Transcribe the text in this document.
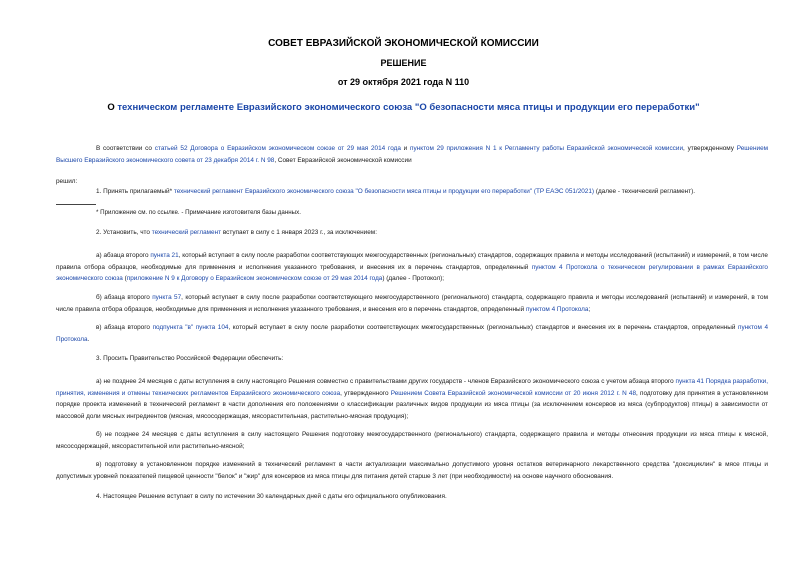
СОВЕТ ЕВРАЗИЙСКОЙ ЭКОНОМИЧЕСКОЙ КОМИССИИ
РЕШЕНИЕ
от 29 октября 2021 года N 110
О техническом регламенте Евразийского экономического союза "О безопасности мяса птицы и продукции его переработки"
В соответствии со статьей 52 Договора о Евразийском экономическом союзе от 29 мая 2014 года и пунктом 29 приложения N 1 к Регламенту работы Евразийской экономической комиссии, утвержденному Решением Высшего Евразийского экономического совета от 23 декабря 2014 г. N 98, Совет Евразийской экономической комиссии
решил:
1. Принять прилагаемый* технический регламент Евразийского экономического союза "О безопасности мяса птицы и продукции его переработки" (ТР ЕАЭС 051/2021) (далее - технический регламент).
* Приложение см. по ссылке. - Примечание изготовителя базы данных.
2. Установить, что технический регламент вступает в силу с 1 января 2023 г., за исключением:
а) абзаца второго пункта 21, который вступает в силу после разработки соответствующих межгосударственных (региональных) стандартов, содержащих правила и методы исследований (испытаний) и измерений, в том числе правила отбора образцов, необходимые для применения и исполнения указанного требования, и внесения их в перечень стандартов, определенный пунктом 4 Протокола о техническом регулировании в рамках Евразийского экономического союза (приложение N 9 к Договору о Евразийском экономическом союзе от 29 мая 2014 года) (далее - Протокол);
б) абзаца второго пункта 57, который вступает в силу после разработки соответствующего межгосударственного (регионального) стандарта, содержащего правила и методы исследований (испытаний) и измерений, в том числе правила отбора образцов, необходимые для применения и исполнения указанного требования, и внесения его в перечень стандартов, определенный пунктом 4 Протокола;
в) абзаца второго подпункта "в" пункта 104, который вступает в силу после разработки соответствующих межгосударственных (региональных) стандартов и внесения их в перечень стандартов, определенный пунктом 4 Протокола.
3. Просить Правительство Российской Федерации обеспечить:
а) не позднее 24 месяцев с даты вступления в силу настоящего Решения совместно с правительствами других государств - членов Евразийского экономического союза с учетом абзаца второго пункта 41 Порядка разработки, принятия, изменения и отмены технических регламентов Евразийского экономического союза, утвержденного Решением Совета Евразийской экономической комиссии от 20 июня 2012 г. N 48, подготовку для принятия в установленном порядке проекта изменений в технический регламент в части дополнения его положениями о классификации различных видов продукции из мяса птицы (за исключением консервов из мяса (субпродуктов) птицы) в зависимости от массовой доли мясных ингредиентов (мясная, мясосодержащая, мясорастительная, растительно-мясная продукция);
б) не позднее 24 месяцев с даты вступления в силу настоящего Решения подготовку межгосударственного (регионального) стандарта, содержащего правила и методы отнесения продукции из мяса птицы к мясной, мясосодержащей, мясорастительной или растительно-мясной;
в) подготовку в установленном порядке изменений в технический регламент в части актуализации максимально допустимого уровня остатков ветеринарного лекарственного средства "доксициклин" в мясе птицы и допустимых уровней показателей пищевой ценности "белок" и "жир" для консервов из мяса птицы для питания детей старше 3 лет (при необходимости) на основе научного обоснования.
4. Настоящее Решение вступает в силу по истечении 30 календарных дней с даты его официального опубликования.
